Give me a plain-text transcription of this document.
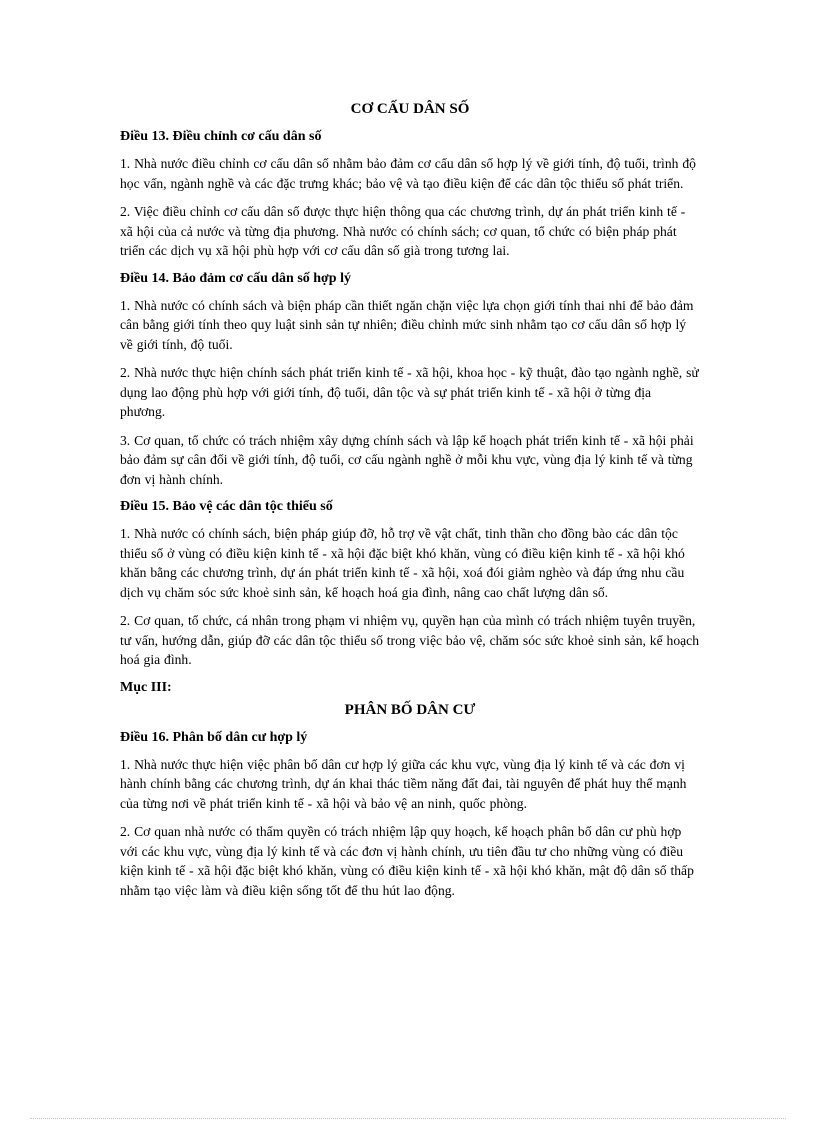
CƠ CẤU DÂN SỐ
Điều 13. Điều chỉnh cơ cấu dân số

1. Nhà nước điều chỉnh cơ cấu dân số nhằm bảo đảm cơ cấu dân số hợp lý về giới tính, độ tuổi, trình độ học vấn, ngành nghề và các đặc trưng khác; bảo vệ và tạo điều kiện để các dân tộc thiểu số phát triển.

2. Việc điều chỉnh cơ cấu dân số được thực hiện thông qua các chương trình, dự án phát triển kinh tế - xã hội của cả nước và từng địa phương. Nhà nước có chính sách; cơ quan, tổ chức có biện pháp phát triển các dịch vụ xã hội phù hợp với cơ cấu dân số già trong tương lai.

Điều 14. Bảo đảm cơ cấu dân số hợp lý

1. Nhà nước có chính sách và biện pháp cần thiết ngăn chặn việc lựa chọn giới tính thai nhi để bảo đảm cân bằng giới tính theo quy luật sinh sản tự nhiên; điều chỉnh mức sinh nhằm tạo cơ cấu dân số hợp lý về giới tính, độ tuổi.

2. Nhà nước thực hiện chính sách phát triển kinh tế - xã hội, khoa học - kỹ thuật, đào tạo ngành nghề, sử dụng lao động phù hợp với giới tính, độ tuổi, dân tộc và sự phát triển kinh tế - xã hội ở từng địa phương.

3. Cơ quan, tổ chức có trách nhiệm xây dựng chính sách và lập kế hoạch phát triển kinh tế - xã hội phải bảo đảm sự cân đối về giới tính, độ tuổi, cơ cấu ngành nghề ở mỗi khu vực, vùng địa lý kinh tế và từng đơn vị hành chính.

Điều 15. Bảo vệ các dân tộc thiểu số

1. Nhà nước có chính sách, biện pháp giúp đỡ, hỗ trợ về vật chất, tinh thần cho đồng bào các dân tộc thiểu số ở vùng có điều kiện kinh tế - xã hội đặc biệt khó khăn, vùng có điều kiện kinh tế - xã hội khó khăn bằng các chương trình, dự án phát triển kinh tế - xã hội, xoá đói giảm nghèo và đáp ứng nhu cầu dịch vụ chăm sóc sức khoẻ sinh sản, kế hoạch hoá gia đình, nâng cao chất lượng dân số.

2. Cơ quan, tổ chức, cá nhân trong phạm vi nhiệm vụ, quyền hạn của mình có trách nhiệm tuyên truyền, tư vấn, hướng dẫn, giúp đỡ các dân tộc thiểu số trong việc bảo vệ, chăm sóc sức khoẻ sinh sản, kế hoạch hoá gia đình.

Mục III:
PHÂN BỐ DÂN CƯ
Điều 16. Phân bố dân cư hợp lý

1. Nhà nước thực hiện việc phân bố dân cư hợp lý giữa các khu vực, vùng địa lý kinh tế và các đơn vị hành chính bằng các chương trình, dự án khai thác tiềm năng đất đai, tài nguyên để phát huy thế mạnh của từng nơi về phát triển kinh tế - xã hội và bảo vệ an ninh, quốc phòng.

2. Cơ quan nhà nước có thẩm quyền có trách nhiệm lập quy hoạch, kế hoạch phân bố dân cư phù hợp với các khu vực, vùng địa lý kinh tế và các đơn vị hành chính, ưu tiên đầu tư cho những vùng có điều kiện kinh tế - xã hội đặc biệt khó khăn, vùng có điều kiện kinh tế - xã hội khó khăn, mật độ dân số thấp nhằm tạo việc làm và điều kiện sống tốt để thu hút lao động.
